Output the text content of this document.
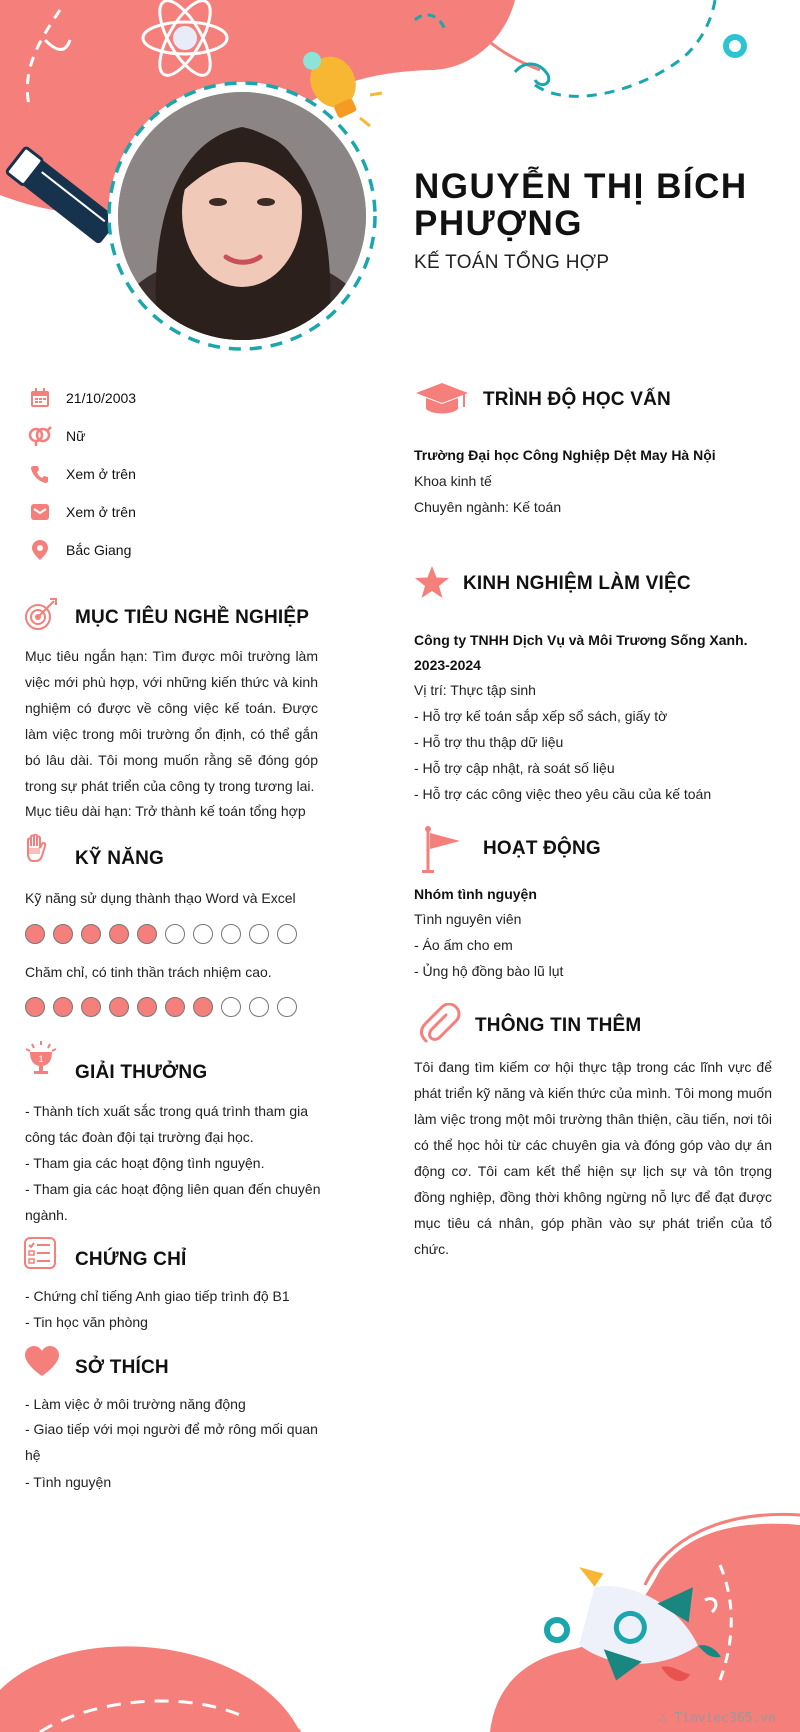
NGUYỄN THỊ BÍCH PHƯỢNG
KẾ TOÁN TỔNG HỢP
21/10/2003
Nữ
Xem ở trên
Xem ở trên
Bắc Giang
MỤC TIÊU NGHỀ NGHIỆP
Mục tiêu ngắn hạn: Tìm được môi trường làm việc mới phù hợp, với những kiến thức và kinh nghiệm có được về công việc kế toán. Được làm việc trong môi trường ổn định, có thể gắn bó lâu dài. Tôi mong muốn rằng sẽ đóng góp trong sự phát triển của công ty trong tương lai.
Mục tiêu dài hạn: Trở thành kế toán tổng hợp
KỸ NĂNG
Kỹ năng sử dụng thành thạo Word và Excel
Chăm chỉ, có tinh thần trách nhiệm cao.
1
GIẢI THƯỞNG
- Thành tích xuất sắc trong quá trình tham gia công tác đoàn đội tại trường đại học.
- Tham gia các hoạt động tình nguyện.
- Tham gia các hoạt động liên quan đến chuyên ngành.
CHỨNG CHỈ
- Chứng chỉ tiếng Anh giao tiếp trình độ B1
- Tin học văn phòng
SỞ THÍCH
- Làm việc ở môi trường năng động
- Giao tiếp với mọi người để mở rông mối quan hệ
- Tình nguyện
TRÌNH ĐỘ HỌC VẤN
Trường Đại học Công Nghiệp Dệt May Hà Nội
Khoa kinh tế
Chuyên ngành: Kế toán
KINH NGHIỆM LÀM VIỆC
Công ty TNHH Dịch Vụ và Môi Trương Sống Xanh.
2023-2024
Vị trí: Thực tập sinh
- Hỗ trợ kế toán sắp xếp sổ sách, giấy tờ
- Hỗ trợ thu thập dữ liệu
- Hỗ trợ cập nhật, rà soát số liệu
- Hỗ trợ các công việc theo yêu cầu của kế toán
HOẠT ĐỘNG
Nhóm tình nguyện
Tình nguyên viên
- Áo ấm cho em
- Ủng hộ đồng bào lũ lụt
THÔNG TIN THÊM
Tôi đang tìm kiếm cơ hội thực tập trong các lĩnh vực để phát triển kỹ năng và kiến thức của mình. Tôi mong muốn làm việc trong một môi trường thân thiện, cầu tiến, nơi tôi có thể học hỏi từ các chuyên gia và đóng góp vào dự án động cơ. Tôi cam kết thể hiện sự lịch sự và tôn trọng đồng nghiệp, đồng thời không ngừng nỗ lực để đạt được mục tiêu cá nhân, góp phần vào sự phát triển của tổ chức.
∴ Timviec365.vn
